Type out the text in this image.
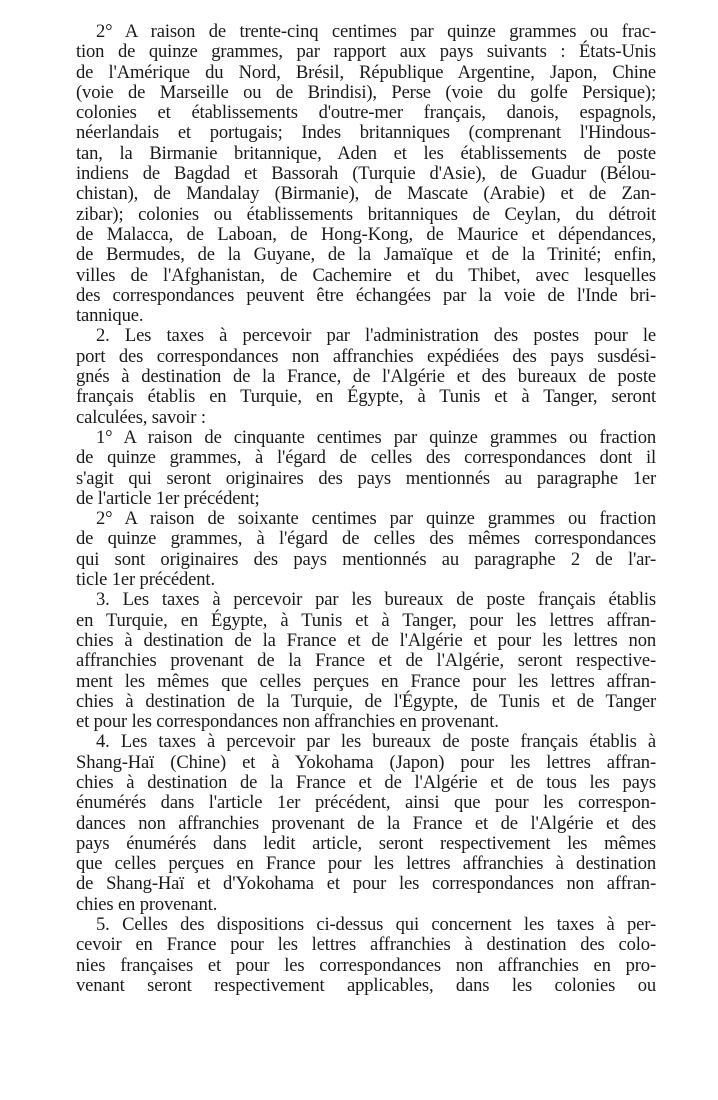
2° A raison de trente-cinq centimes par quinze grammes ou frac-
tion de quinze grammes, par rapport aux pays suivants : États-Unis
de l'Amérique du Nord, Brésil, République Argentine, Japon, Chine
(voie de Marseille ou de Brindisi), Perse (voie du golfe Persique);
colonies et établissements d'outre-mer français, danois, espagnols,
néerlandais et portugais; Indes britanniques (comprenant l'Hindous-
tan, la Birmanie britannique, Aden et les établissements de poste
indiens de Bagdad et Bassorah (Turquie d'Asie), de Guadur (Bélou-
chistan), de Mandalay (Birmanie), de Mascate (Arabie) et de Zan-
zibar); colonies ou établissements britanniques de Ceylan, du détroit
de Malacca, de Laboan, de Hong-Kong, de Maurice et dépendances,
de Bermudes, de la Guyane, de la Jamaïque et de la Trinité; enfin,
villes de l'Afghanistan, de Cachemire et du Thibet, avec lesquelles
des correspondances peuvent être échangées par la voie de l'Inde bri-
tannique.
2. Les taxes à percevoir par l'administration des postes pour le
port des correspondances non affranchies expédiées des pays susdési-
gnés à destination de la France, de l'Algérie et des bureaux de poste
français établis en Turquie, en Égypte, à Tunis et à Tanger, seront
calculées, savoir :
1° A raison de cinquante centimes par quinze grammes ou fraction
de quinze grammes, à l'égard de celles des correspondances dont il
s'agit qui seront originaires des pays mentionnés au paragraphe 1er
de l'article 1er précédent;
2° A raison de soixante centimes par quinze grammes ou fraction
de quinze grammes, à l'égard de celles des mêmes correspondances
qui sont originaires des pays mentionnés au paragraphe 2 de l'ar-
ticle 1er précédent.
3. Les taxes à percevoir par les bureaux de poste français établis
en Turquie, en Égypte, à Tunis et à Tanger, pour les lettres affran-
chies à destination de la France et de l'Algérie et pour les lettres non
affranchies provenant de la France et de l'Algérie, seront respective-
ment les mêmes que celles perçues en France pour les lettres affran-
chies à destination de la Turquie, de l'Égypte, de Tunis et de Tanger
et pour les correspondances non affranchies en provenant.
4. Les taxes à percevoir par les bureaux de poste français établis à
Shang-Haï (Chine) et à Yokohama (Japon) pour les lettres affran-
chies à destination de la France et de l'Algérie et de tous les pays
énumérés dans l'article 1er précédent, ainsi que pour les correspon-
dances non affranchies provenant de la France et de l'Algérie et des
pays énumérés dans ledit article, seront respectivement les mêmes
que celles perçues en France pour les lettres affranchies à destination
de Shang-Haï et d'Yokohama et pour les correspondances non affran-
chies en provenant.
5. Celles des dispositions ci-dessus qui concernent les taxes à per-
cevoir en France pour les lettres affranchies à destination des colo-
nies françaises et pour les correspondances non affranchies en pro-
venant seront respectivement applicables, dans les colonies ou
